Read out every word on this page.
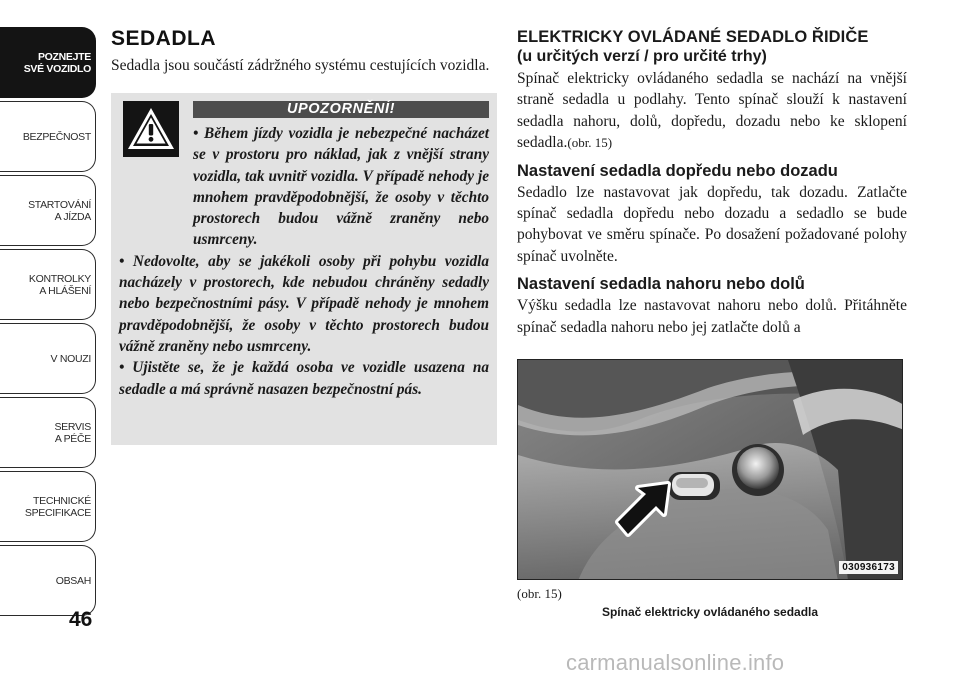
POZNEJTE
SVÉ VOZIDLO
BEZPEČNOST
STARTOVÁNÍ
A JÍZDA
KONTROLKY
A HLÁŠENÍ
V NOUZI
SERVIS
A PÉČE
TECHNICKÉ
SPECIFIKACE
OBSAH
46
SEDADLA

Sedadla jsou součástí zádržného systému cestujících vozidla.

UPOZORNĚNÍ!

• Během jízdy vozidla je nebezpečné nacházet se v prostoru pro náklad, jak z vnější strany vozidla, tak uvnitř vozidla. V případě nehody je mnohem pravděpodobnější, že osoby v těchto prostorech budou vážně zraněny nebo usmrceny.

• Nedovolte, aby se jakékoli osoby při pohybu vozidla nacházely v prostorech, kde nebudou chráněny sedadly nebo bezpečnostními pásy. V případě nehody je mnohem pravděpodobnější, že osoby v těchto prostorech budou vážně zraněny nebo usmrceny.

• Ujistěte se, že je každá osoba ve vozidle usazena na sedadle a má správně nasazen bezpečnostní pás.

ELEKTRICKY OVLÁDANÉ SEDADLO ŘIDIČE
(u určitých verzí / pro určité trhy)

Spínač elektricky ovládaného sedadla se nachází na vnější straně sedadla u podlahy. Tento spínač slouží k nastavení sedadla nahoru, dolů, dopředu, dozadu nebo ke sklopení sedadla.(obr. 15)

Nastavení sedadla dopředu nebo dozadu

Sedadlo lze nastavovat jak dopředu, tak dozadu. Zatlačte spínač sedadla dopředu nebo dozadu a sedadlo se bude pohybovat ve směru spínače. Po dosažení požadované polohy spínač uvolněte.

Nastavení sedadla nahoru nebo dolů

Výšku sedadla lze nastavovat nahoru nebo dolů. Přitáhněte spínač sedadla nahoru nebo jej zatlačte dolů a

030936173
(obr. 15)
Spínač elektricky ovládaného sedadla
carmanualsonline.info
